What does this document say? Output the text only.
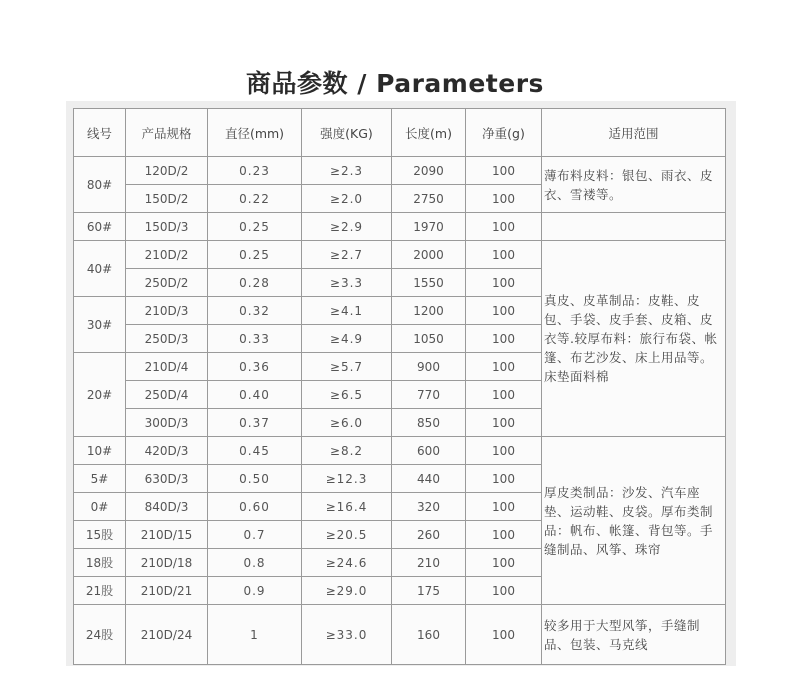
商品参数 / Parameters
线号	产品规格	直径(mm)	强度(KG)	长度(m)	净重(g)	适用范围
80#	120D/2	0.23	≥2.3	2090	100	薄布料皮料：银包、雨衣、皮衣、雪褛等。
	150D/2	0.22	≥2.0	2750	100	
60#	150D/3	0.25	≥2.9	1970	100	
40#	210D/2	0.25	≥2.7	2000	100	真皮、皮革制品：皮鞋、皮包、手袋、皮手套、皮箱、皮衣等.较厚布料：旅行布袋、帐篷、布艺沙发、床上用品等。床垫面料棉
	250D/2	0.28	≥3.3	1550	100	
30#	210D/3	0.32	≥4.1	1200	100	
	250D/3	0.33	≥4.9	1050	100	
20#	210D/4	0.36	≥5.7	900	100	
	250D/4	0.40	≥6.5	770	100	
	300D/3	0.37	≥6.0	850	100	
10#	420D/3	0.45	≥8.2	600	100	厚皮类制品：沙发、汽车座垫、运动鞋、皮袋。厚布类制品：帆布、帐篷、背包等。手缝制品、风筝、珠帘
5#	630D/3	0.50	≥12.3	440	100	
0#	840D/3	0.60	≥16.4	320	100	
15股	210D/15	0.7	≥20.5	260	100	
18股	210D/18	0.8	≥24.6	210	100	
21股	210D/21	0.9	≥29.0	175	100	
24股	210D/24	1	≥33.0	160	100	较多用于大型风筝，手缝制品、包装、马克线
